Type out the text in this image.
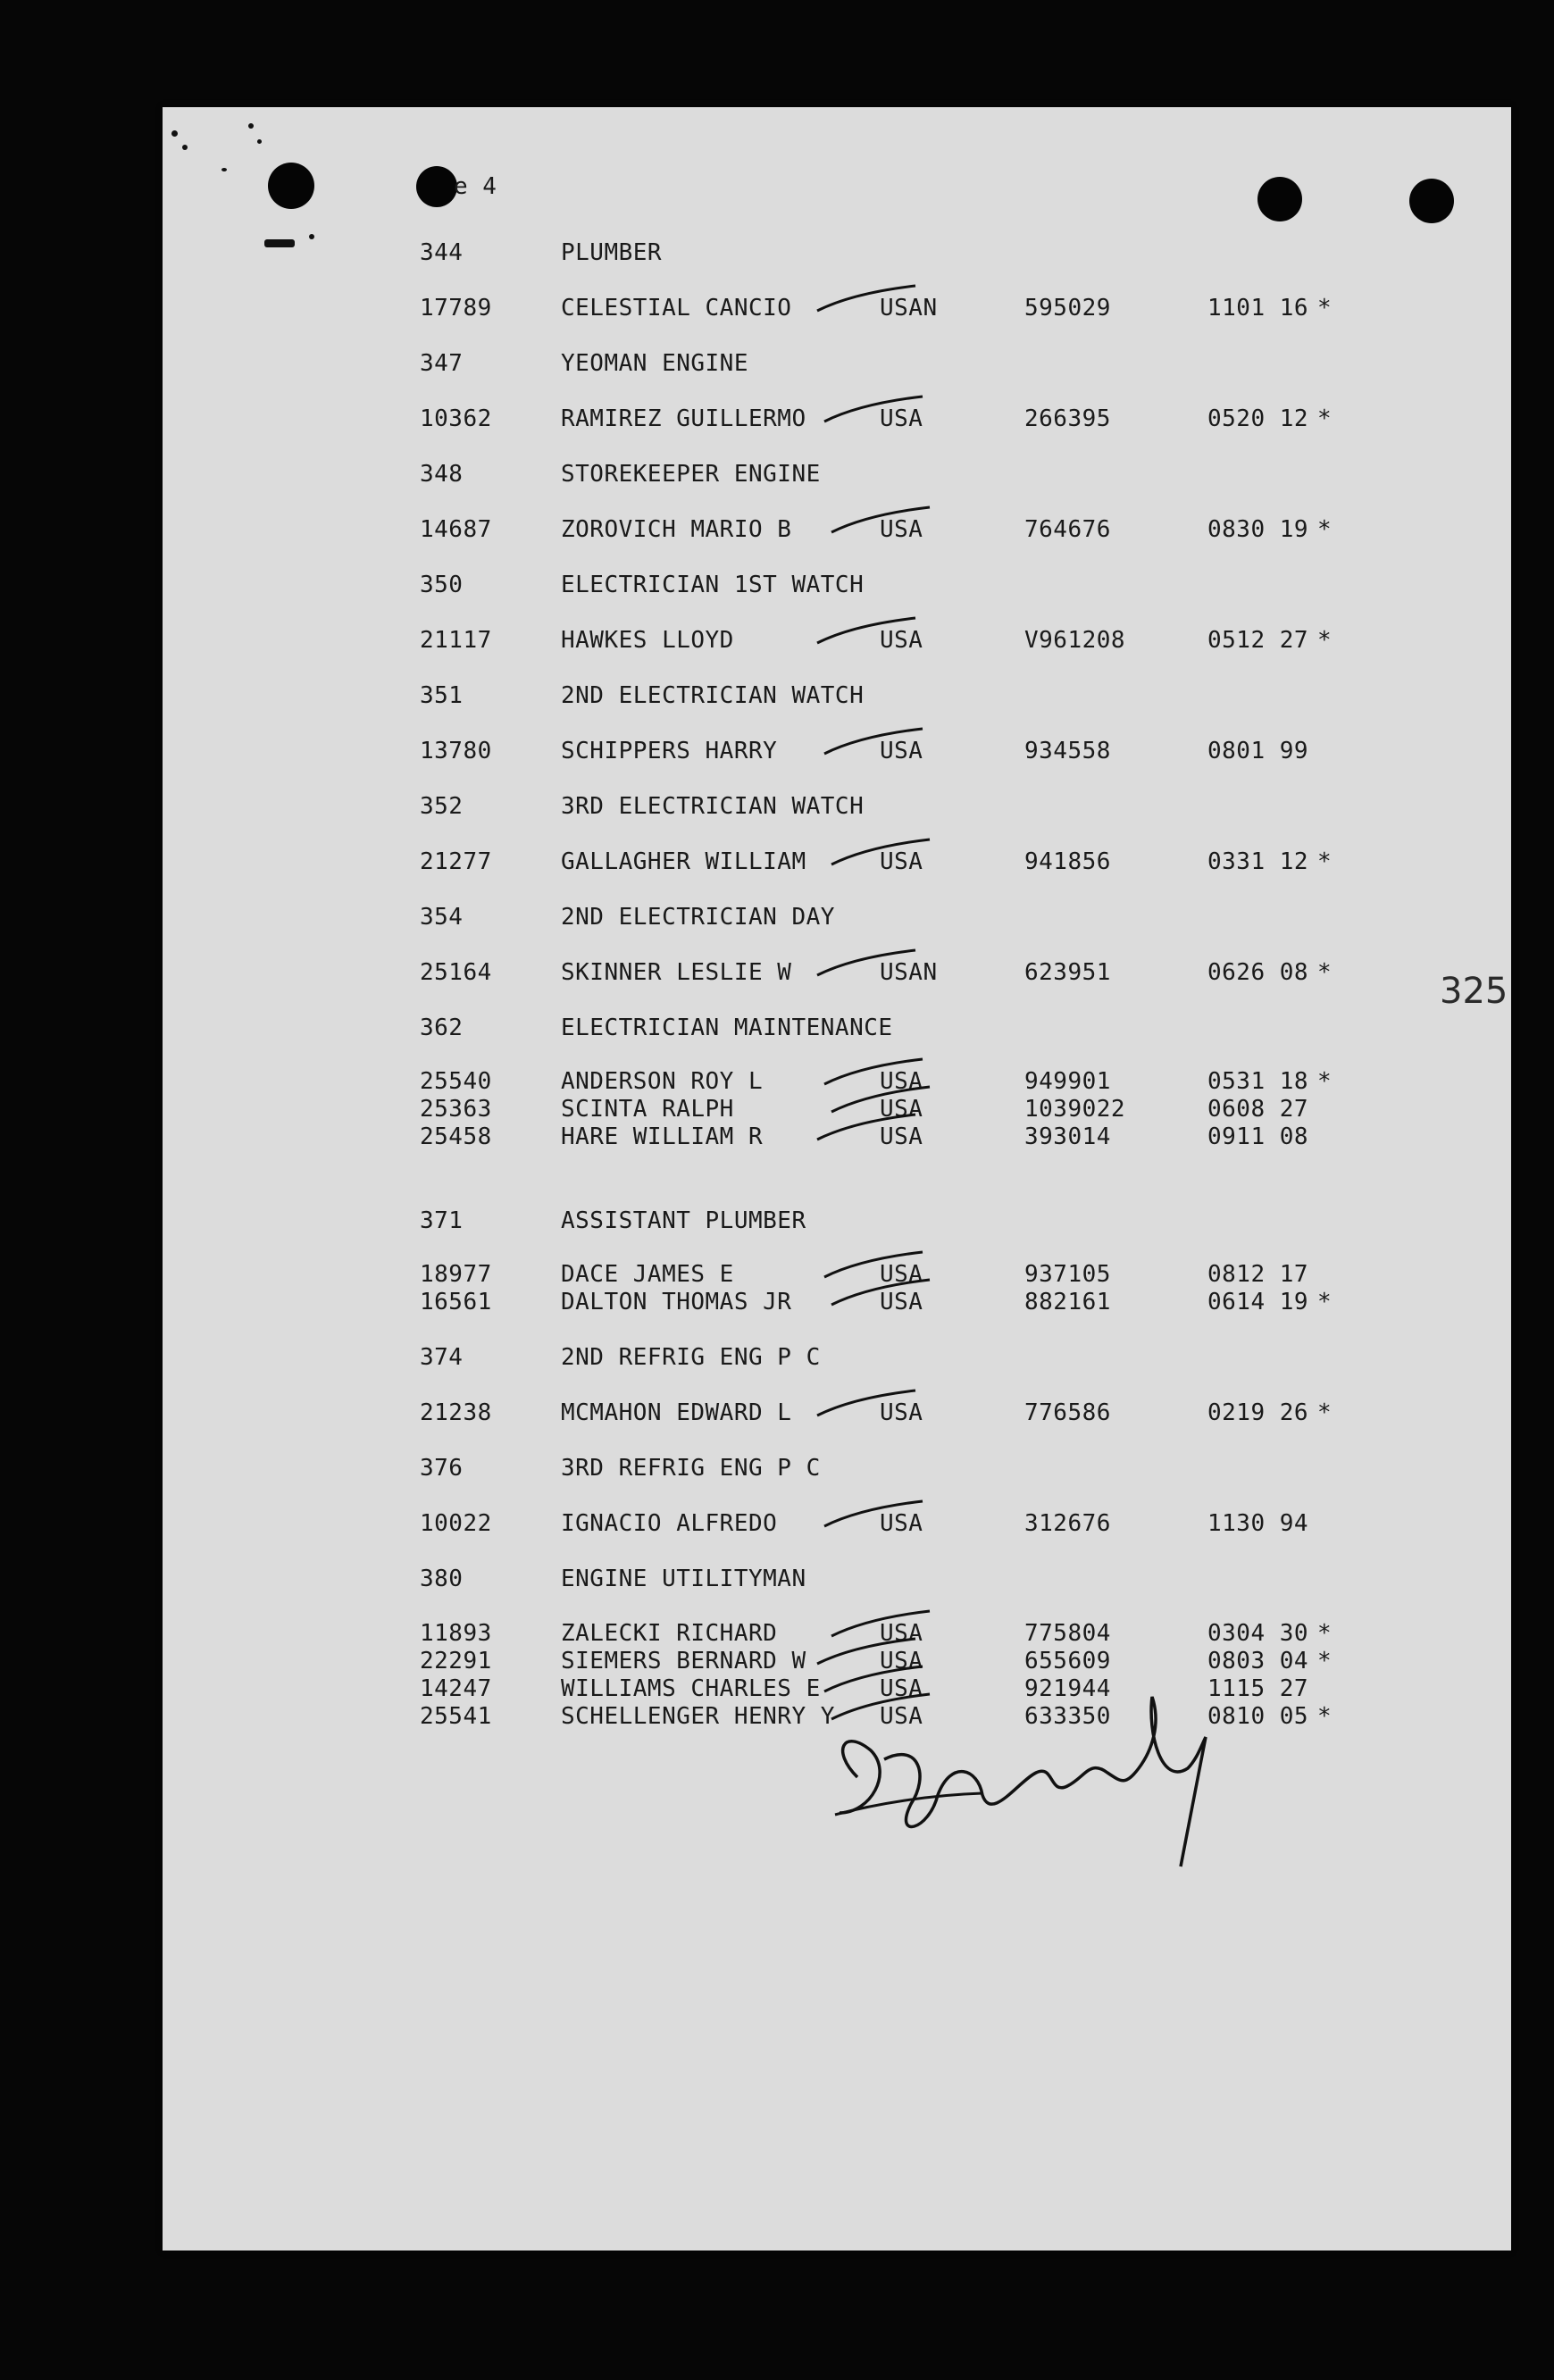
e 4
325
344	PLUMBER
17789	CELESTIAL CANCIO	USAN	595029	1101 16 *
347	YEOMAN ENGINE
10362	RAMIREZ GUILLERMO	USA	266395	0520 12 *
348	STOREKEEPER ENGINE
14687	ZOROVICH MARIO B	USA	764676	0830 19 *
350	ELECTRICIAN 1ST WATCH
21117	HAWKES LLOYD	USA	V961208	0512 27 *
351	2ND ELECTRICIAN WATCH
13780	SCHIPPERS HARRY	USA	934558	0801 99
352	3RD ELECTRICIAN WATCH
21277	GALLAGHER WILLIAM	USA	941856	0331 12 *
354	2ND ELECTRICIAN DAY
25164	SKINNER LESLIE W	USAN	623951	0626 08 *
362	ELECTRICIAN MAINTENANCE
25540	ANDERSON ROY L	USA	949901	0531 18 *
25363	SCINTA RALPH	USA	1039022	0608 27
25458	HARE WILLIAM R	USA	393014	0911 08
371	ASSISTANT PLUMBER
18977	DACE JAMES E	USA	937105	0812 17
16561	DALTON THOMAS JR	USA	882161	0614 19 *
374	2ND REFRIG ENG P C
21238	MCMAHON EDWARD L	USA	776586	0219 26 *
376	3RD REFRIG ENG P C
10022	IGNACIO ALFREDO	USA	312676	1130 94
380	ENGINE UTILITYMAN
11893	ZALECKI RICHARD	USA	775804	0304 30 *
22291	SIEMERS BERNARD W	USA	655609	0803 04 *
14247	WILLIAMS CHARLES E	USA	921944	1115 27
25541	SCHELLENGER HENRY Y USA	633350	0810 05 *
